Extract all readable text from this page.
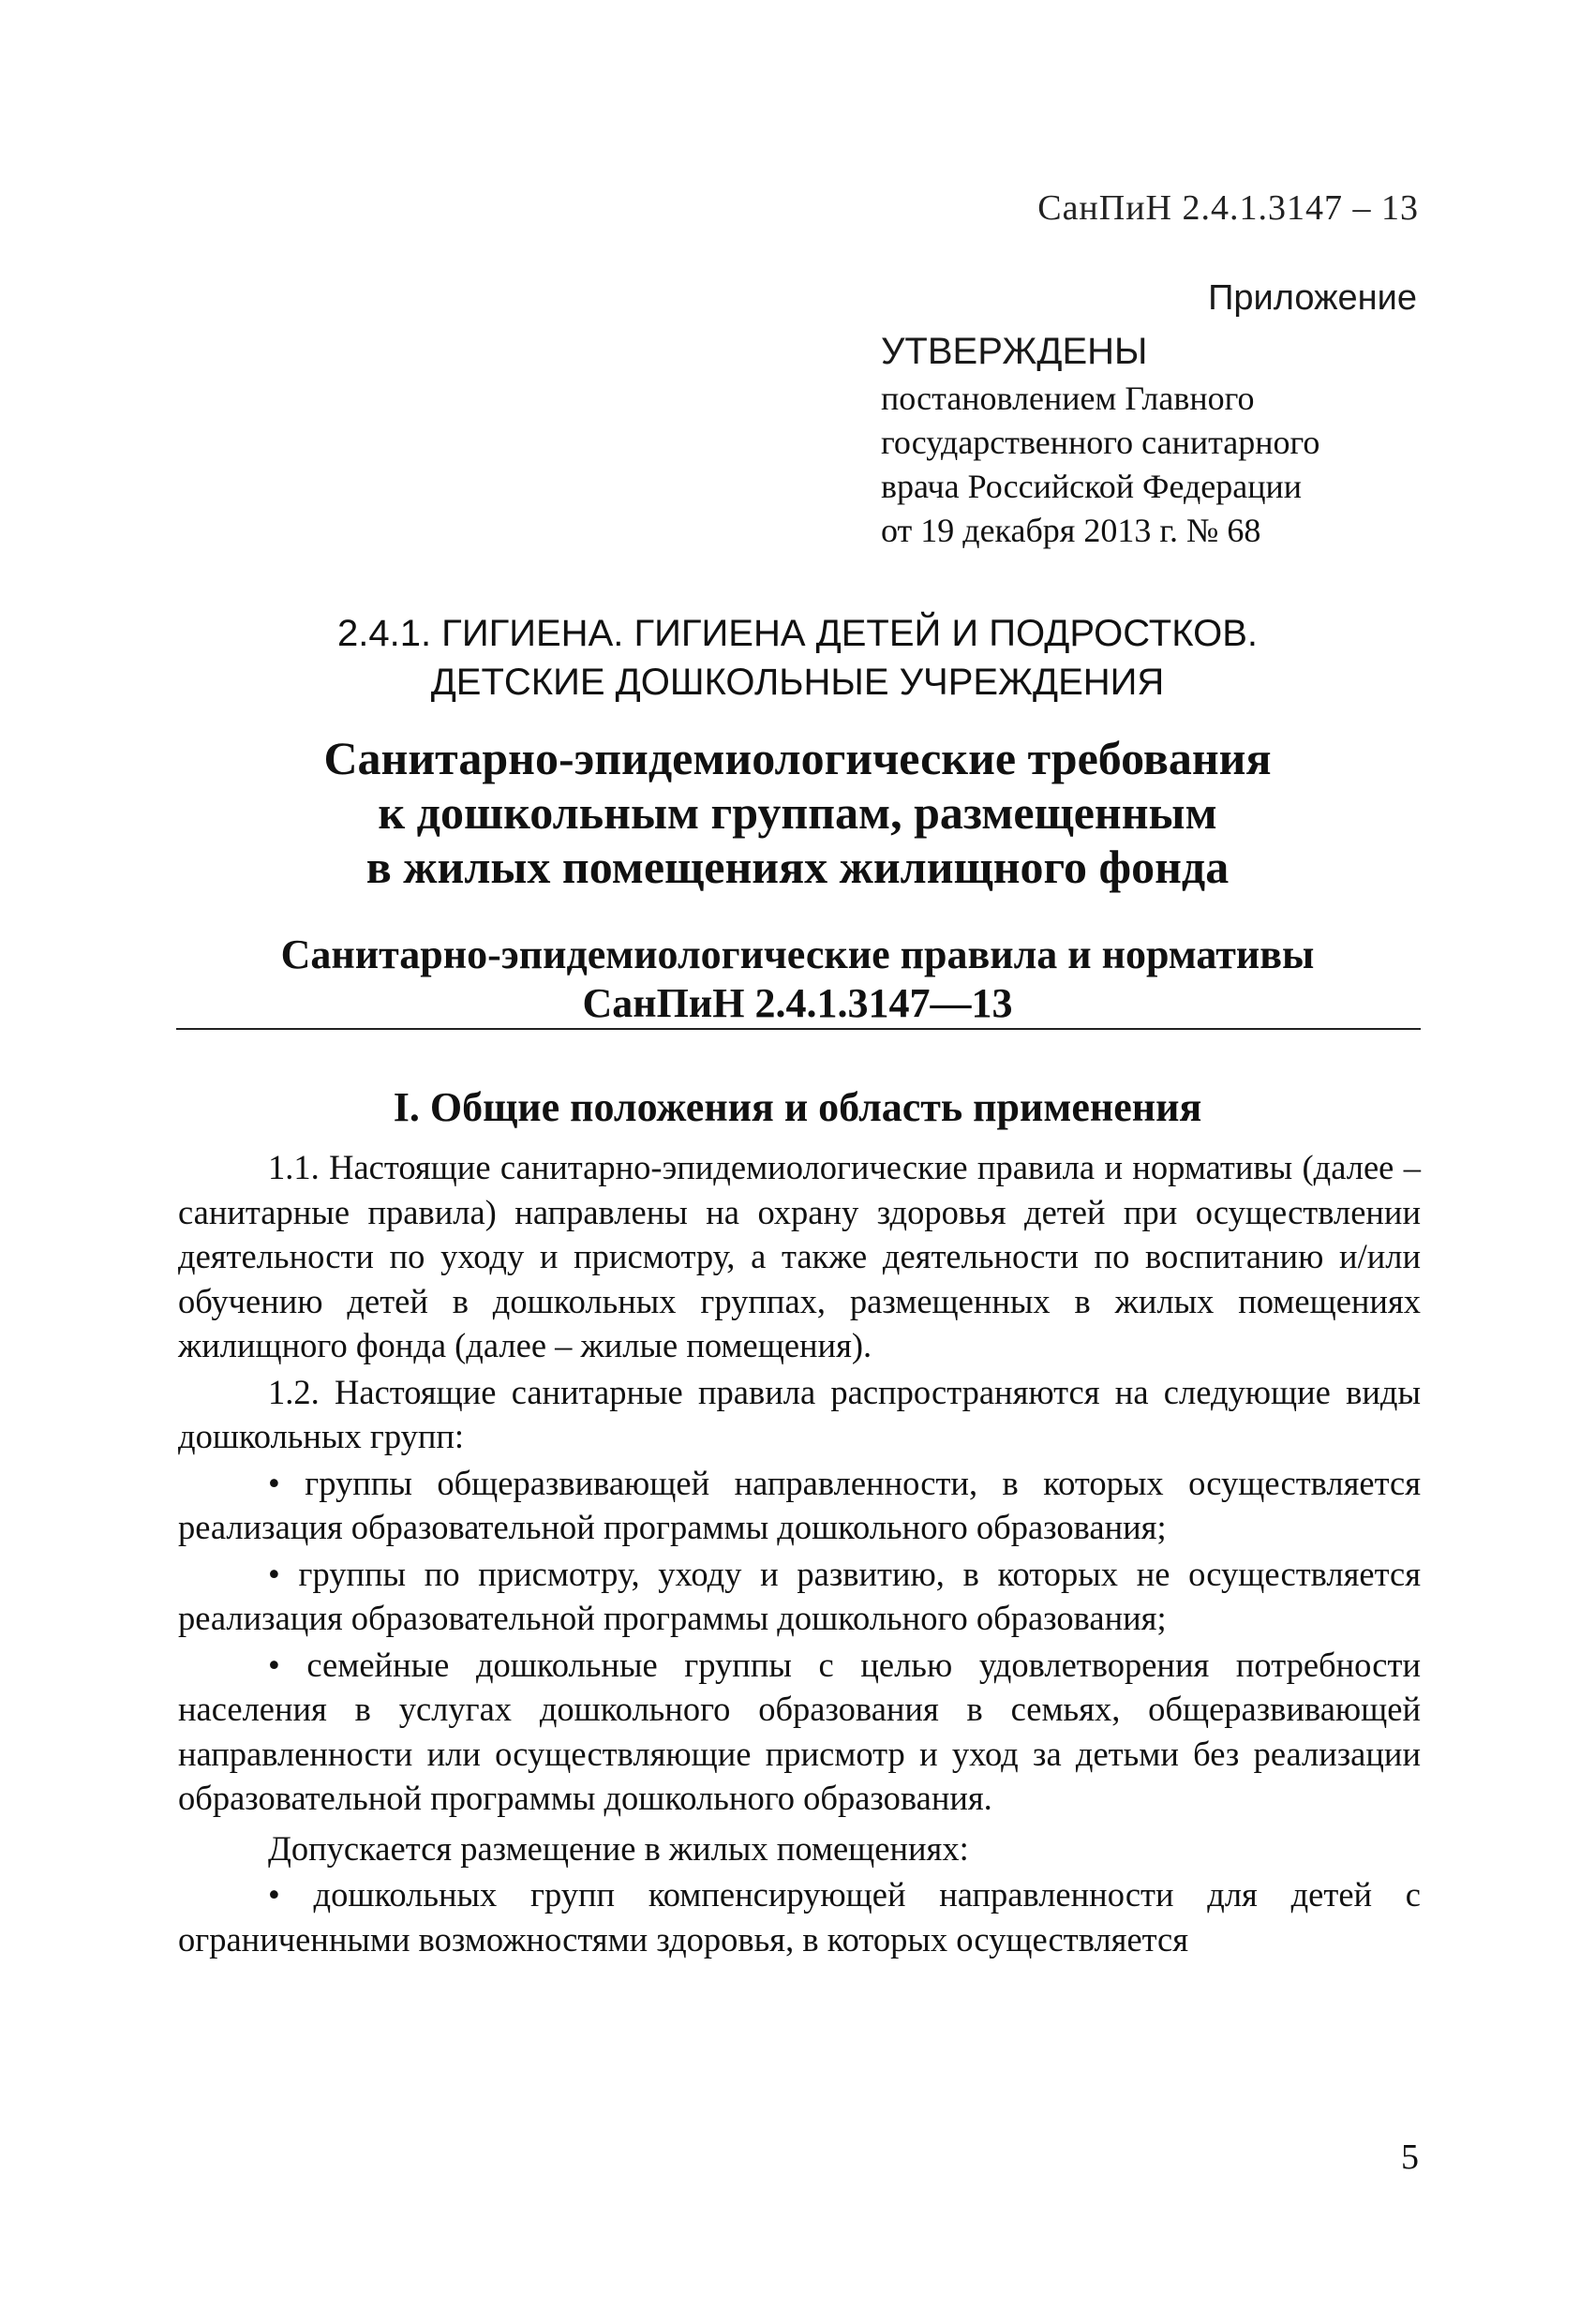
СанПиН 2.4.1.3147 – 13
Приложение
УТВЕРЖДЕНЫ
постановлением Главного
государственного санитарного
врача Российской Федерации
от 19 декабря 2013 г. № 68
2.4.1. ГИГИЕНА. ГИГИЕНА ДЕТЕЙ И ПОДРОСТКОВ.
ДЕТСКИЕ ДОШКОЛЬНЫЕ УЧРЕЖДЕНИЯ
Санитарно-эпидемиологические требования
к дошкольным группам, размещенным
в жилых помещениях жилищного фонда
Санитарно-эпидемиологические правила и нормативы
СанПиН 2.4.1.3147—13
I. Общие положения и область применения

1.1. Настоящие санитарно-эпидемиологические правила и нормативы (далее – санитарные правила) направлены на охрану здоровья детей при осуществлении деятельности по уходу и присмотру, а также деятельности по воспитанию и/или обучению детей в дошкольных группах, размещенных в жилых помещениях жилищного фонда (далее – жилые помещения).

1.2. Настоящие санитарные правила распространяются на следующие виды дошкольных групп:

• группы общеразвивающей направленности, в которых осуществляется реализация образовательной программы дошкольного образования;

• группы по присмотру, уходу и развитию, в которых не осуществляется реализация образовательной программы дошкольного образования;

• семейные дошкольные группы с целью удовлетворения потребности населения в услугах дошкольного образования в семьях, общеразвивающей направленности или осуществляющие присмотр и уход за детьми без реализации образовательной программы дошкольного образования.

Допускается размещение в жилых помещениях:

• дошкольных групп компенсирующей направленности для детей с ограниченными возможностями здоровья, в которых осуществляется

5
